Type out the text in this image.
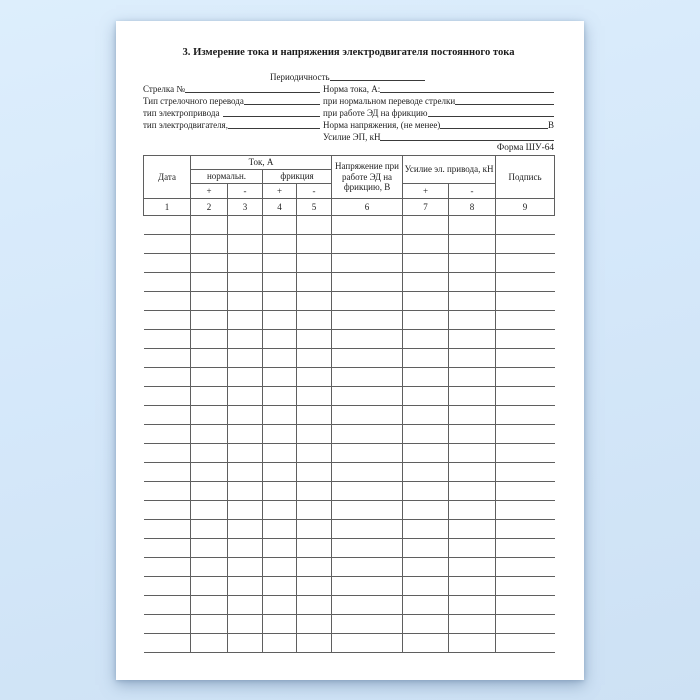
3. Измерение тока и напряжения электродвигателя постоянного тока
Периодичность
Стрелка №	Норма тока, А:
Тип стрелочного перевода	при нормальном переводе стрелки
тип электропривода	при работе ЭД на фрикцию
тип электродвигателя,	Норма напряжения, (не менее)	В
Усилие ЭП, кН
Форма ШУ-64
Дата	Ток, А				Напряжение при работе ЭД на фрикцию, В	Усилие эл. привода, кН		Подпись
	нормальн.		фрикция					
	+	-	+	-		+	-	
1	2	3	4	5	6	7	8	9
